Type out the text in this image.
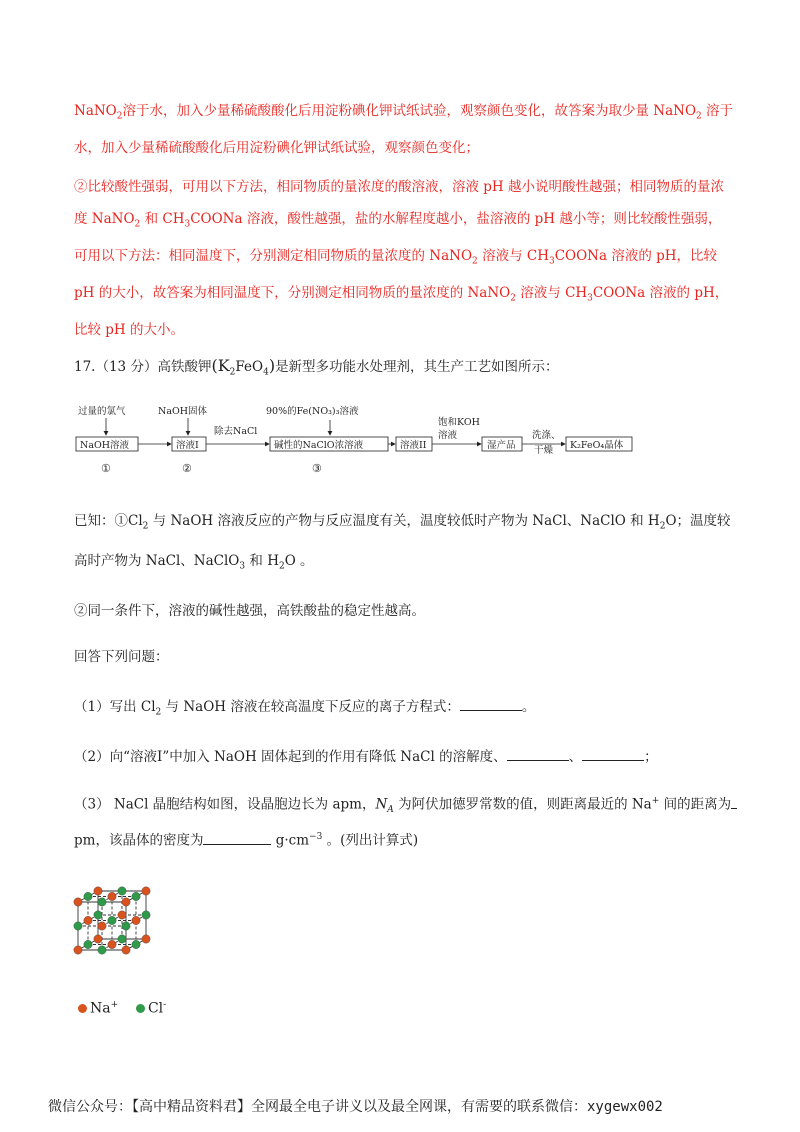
NaNO$_2$溶于水，加入少量稀硫酸酸化后用淀粉碘化钾试纸试验，观察颜色变化，故答案为取少量 NaNO$_2$ 溶于水，加入少量稀硫酸酸化后用淀粉碘化钾试纸试验，观察颜色变化；
②比较酸性强弱，可用以下方法，相同物质的量浓度的酸溶液，溶液 pH 越小说明酸性越强；相同物质的量浓度 NaNO$_2$ 和 $CH_3COONa$ 溶液，酸性越强，盐的水解程度越小，盐溶液的 pH 越小等；则比较酸性强弱，可用以下方法：相同温度下，分别测定相同物质的量浓度的 NaNO$_2$ 溶液与 $CH_3COONa$ 溶液的 pH，比较 pH 的大小，故答案为相同温度下，分别测定相同物质的量浓度的 NaNO$_2$ 溶液与 $CH_3COONa$ 溶液的 pH，比较 pH 的大小。
17.（13 分）高铁酸钾$(K_2FeO_4)$是新型多功能水处理剂，其生产工艺如图所示：
过量的氯气	NaOH固体	90%的Fe(NO₃)₃溶液
饱和KOH
溶液
NaOH溶液	溶液I
除去NaCl
碱性的NaClO浓溶液	溶液II	湿产品
洗涤、
干燥 K₂FeO₄晶体
①	②	③
已知：$①Cl_2$ 与 NaOH 溶液反应的产物与反应温度有关，温度较低时产物为 NaCl、NaClO 和 $H_2O$；温度较
高时产物为 NaCl、NaClO$_3$ 和 $H_2O$ 。
②同一条件下，溶液的碱性越强，高铁酸盐的稳定性越高。
回答下列问题：
（1）写出 $Cl_2$ 与 NaOH 溶液在较高温度下反应的离子方程式：	。
（2）向“溶液I”中加入 NaOH 固体起到的作用有降低 NaCl 的溶解度、	、	；
（3） NaCl 晶胞结构如图，设晶胞边长为 apm，$N_A$ 为阿伏加德罗常数的值，则距离最近的 Na+ 间的距离为
pm，该晶体的密度为	$g\cdot cm^{-3}$ 。(列出计算式)
Na+ Cl-
微信公众号：【高中精品资料君】全网最全电子讲义以及最全网课，有需要的联系微信：xygewx002
